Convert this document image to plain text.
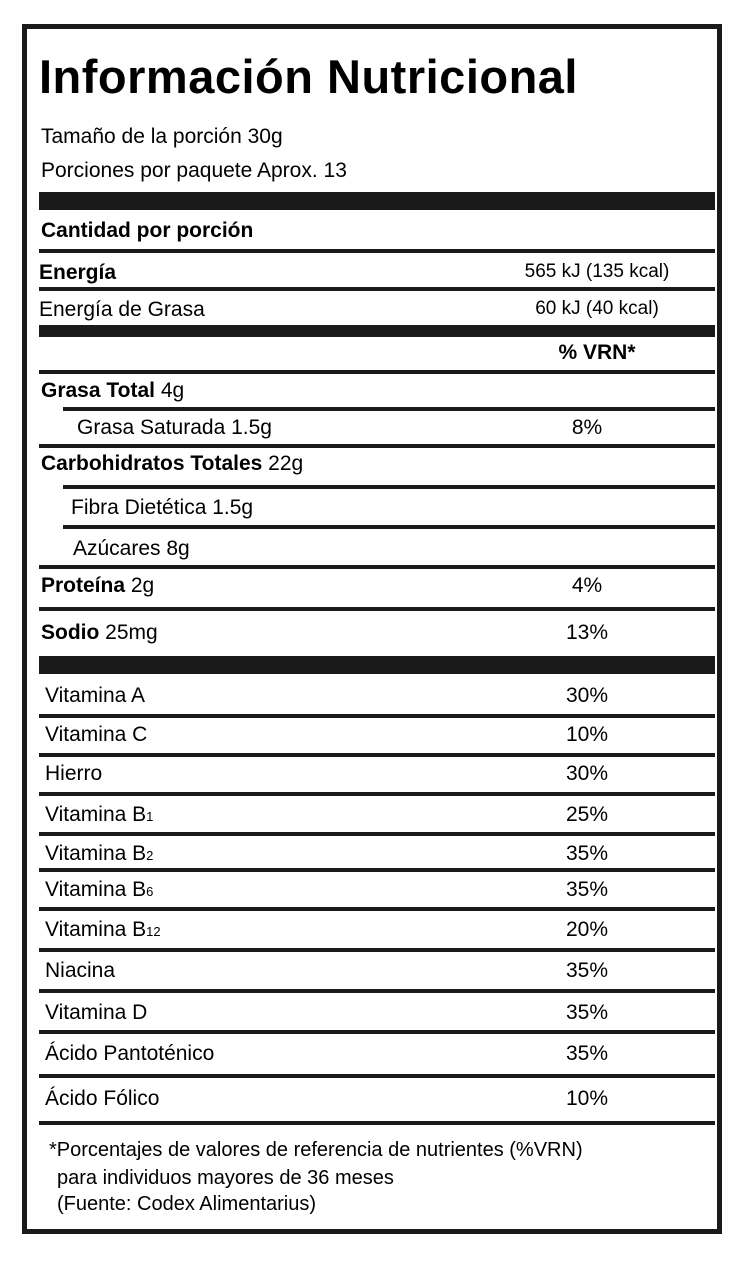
Información Nutricional
Tamaño de la porción 30g
Porciones por paquete Aprox. 13
Cantidad por porción
Energía	565 kJ (135 kcal)
Energía de Grasa	60 kJ (40 kcal)
% VRN*
Grasa Total 4g
Grasa Saturada 1.5g	8%
Carbohidratos Totales 22g
Fibra Dietética 1.5g
Azúcares 8g
Proteína 2g	4%
Sodio 25mg	13%
Vitamina A	30%
Vitamina C	10%
Hierro	30%
Vitamina B1	25%
Vitamina B2	35%
Vitamina B6	35%
Vitamina B12	20%
Niacina	35%
Vitamina D	35%
Ácido Pantoténico	35%
Ácido Fólico	10%
*Porcentajes de valores de referencia de nutrientes (%VRN)
para individuos mayores de 36 meses
(Fuente: Codex Alimentarius)
